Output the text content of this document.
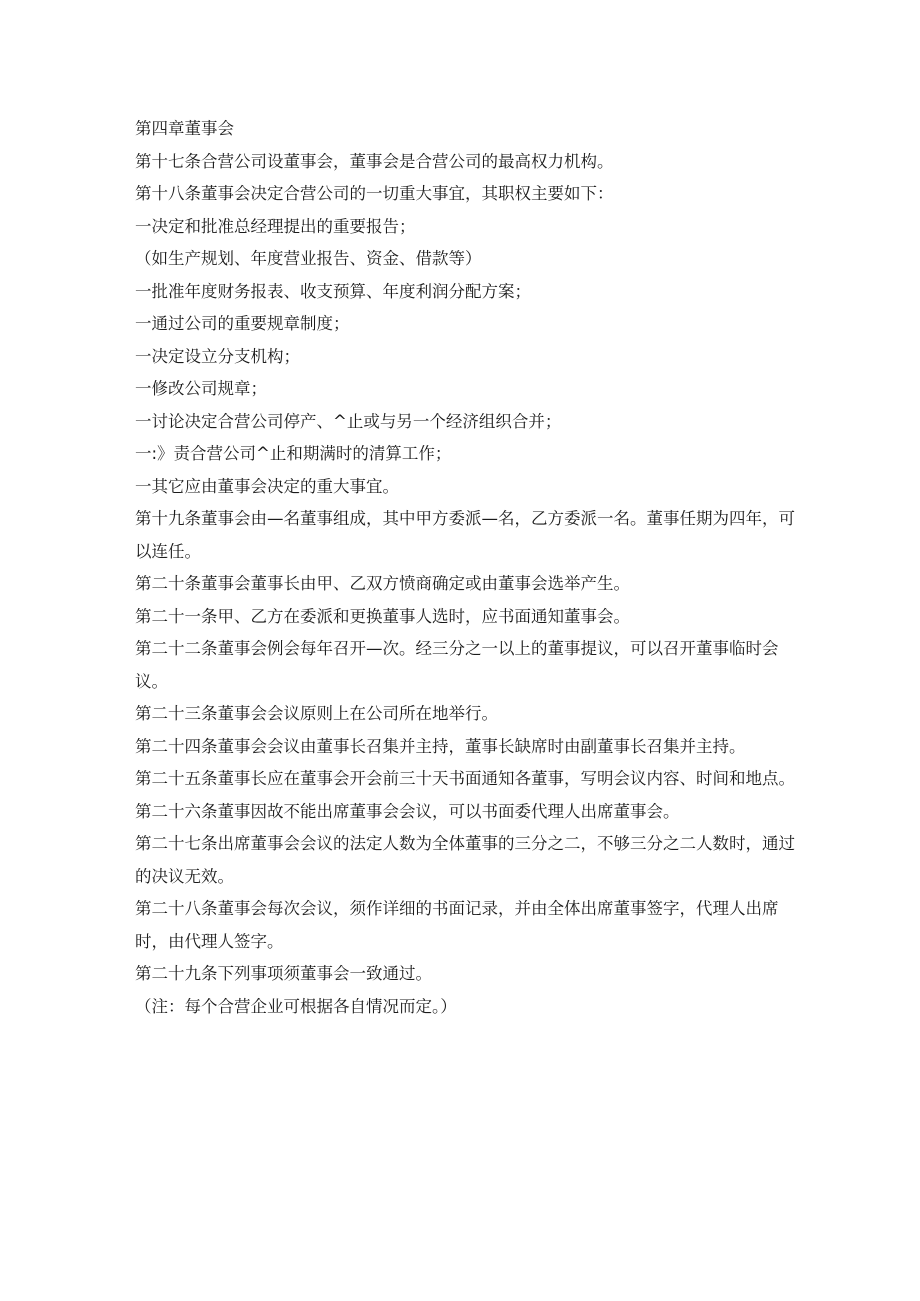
第四章董事会

第十七条合营公司设董事会，董事会是合营公司的最高权力机构。

第十八条董事会决定合营公司的一切重大事宜，其职权主要如下：

一决定和批准总经理提出的重要报告；

（如生产规划、年度营业报告、资金、借款等）

一批准年度财务报表、收支预算、年度利润分配方案；

一通过公司的重要规章制度；

一决定设立分支机构；

一修改公司规章；

一讨论决定合营公司停产、^止或与另一个经济组织合并；

一:》责合营公司^止和期满时的清算工作；

一其它应由董事会决定的重大事宜。

第十九条董事会由—名董事组成，其中甲方委派—名，乙方委派一名。董事任期为四年，可以连任。

第二十条董事会董事长由甲、乙双方愤商确定或由董事会选举产生。

第二十一条甲、乙方在委派和更换董事人选时，应书面通知董事会。

第二十二条董事会例会每年召开—次。经三分之一以上的董事提议，可以召开董事临时会议。

第二十三条董事会会议原则上在公司所在地举行。

第二十四条董事会会议由董事长召集并主持，董事长缺席时由副董事长召集并主持。

第二十五条董事长应在董事会开会前三十天书面通知各董事，写明会议内容、时间和地点。

第二十六条董事因故不能出席董事会会议，可以书面委代理人出席董事会。

第二十七条出席董事会会议的法定人数为全体董事的三分之二，不够三分之二人数时，通过的决议无效。

第二十八条董事会每次会议，须作详细的书面记录，并由全体出席董事签字，代理人出席时，由代理人签字。

第二十九条下列事项须董事会一致通过。

（注：每个合营企业可根据各自情况而定。）
